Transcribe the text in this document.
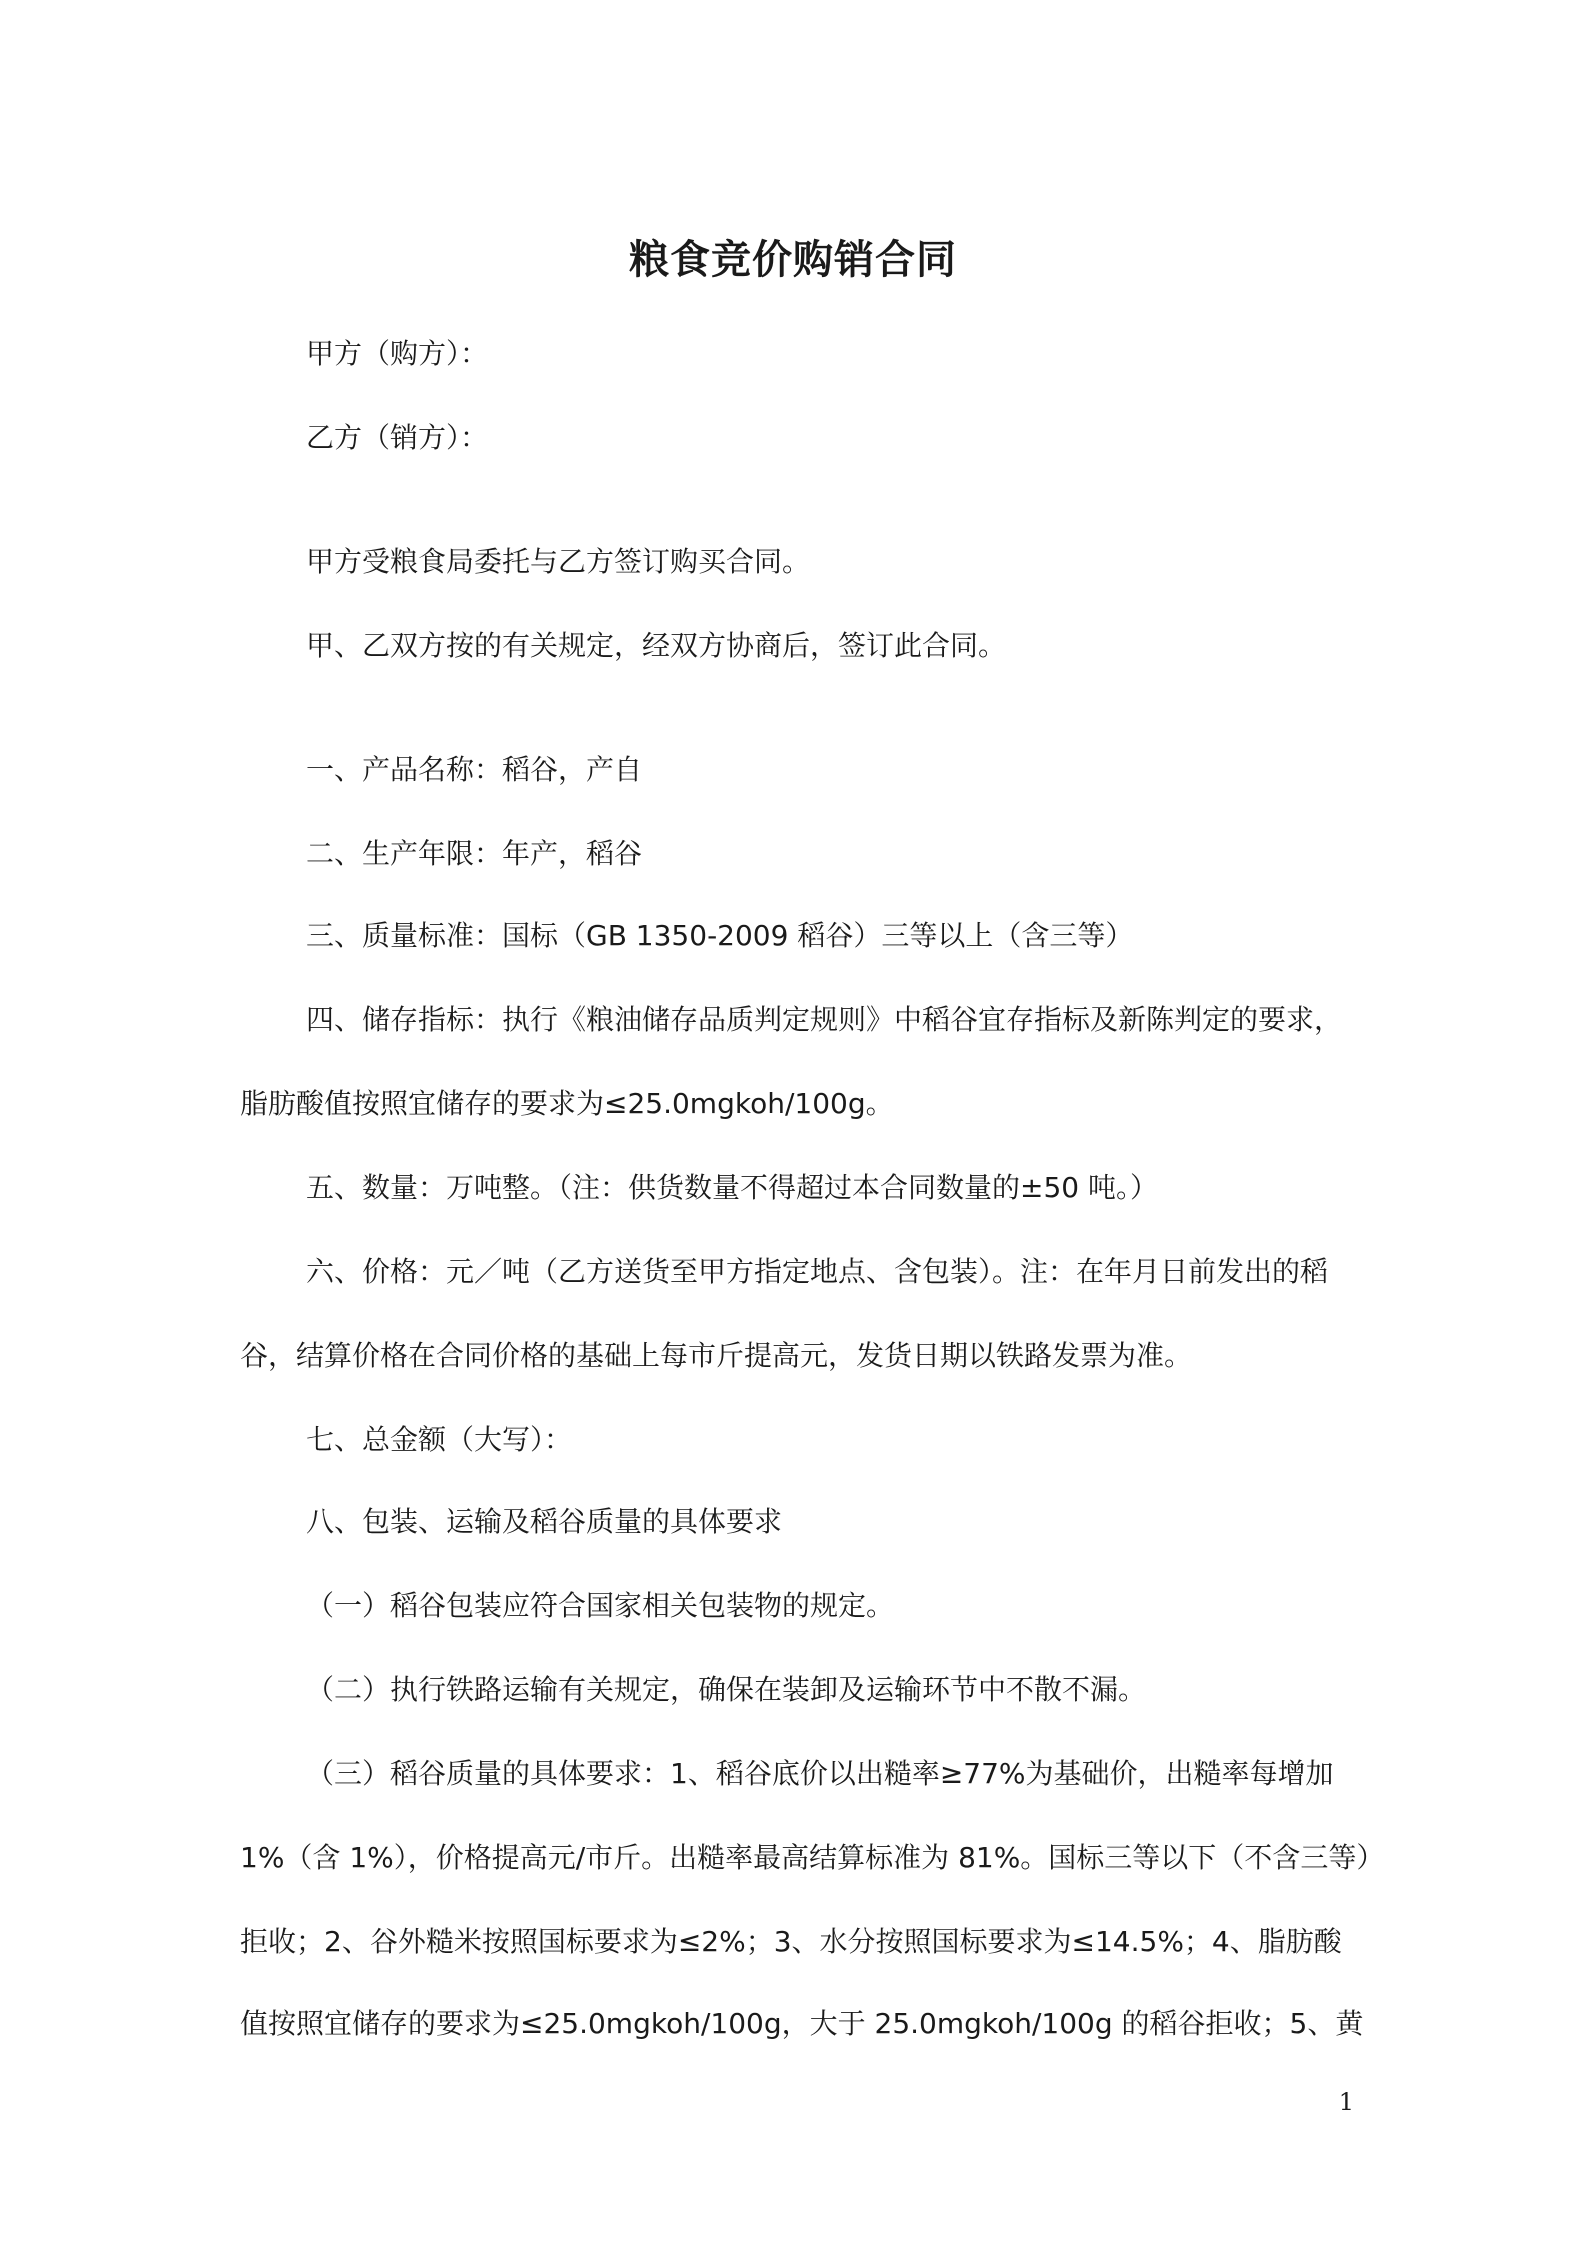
粮食竞价购销合同

甲方（购方）：

乙方（销方）：

甲方受粮食局委托与乙方签订购买合同。

甲、乙双方按的有关规定，经双方协商后，签订此合同。

一、产品名称：稻谷，产自

二、生产年限：年产，稻谷

三、质量标准：国标（GB 1350-2009 稻谷）三等以上（含三等）

四、储存指标：执行《粮油储存品质判定规则》中稻谷宜存指标及新陈判定的要求，

脂肪酸值按照宜储存的要求为≤25.0mgkoh/100g。

五、数量：万吨整。（注：供货数量不得超过本合同数量的±50 吨。）

六、价格：元／吨（乙方送货至甲方指定地点、含包装）。注：在年月日前发出的稻

谷，结算价格在合同价格的基础上每市斤提高元，发货日期以铁路发票为准。

七、总金额（大写）：

八、包装、运输及稻谷质量的具体要求

（一）稻谷包装应符合国家相关包装物的规定。

（二）执行铁路运输有关规定，确保在装卸及运输环节中不散不漏。

（三）稻谷质量的具体要求：1、稻谷底价以出糙率≥77%为基础价，出糙率每增加

1%（含 1%），价格提高元/市斤。出糙率最高结算标准为 81%。国标三等以下（不含三等）

拒收；2、谷外糙米按照国标要求为≤2%；3、水分按照国标要求为≤14.5%；4、脂肪酸

值按照宜储存的要求为≤25.0mgkoh/100g，大于 25.0mgkoh/100g 的稻谷拒收；5、黄

1
